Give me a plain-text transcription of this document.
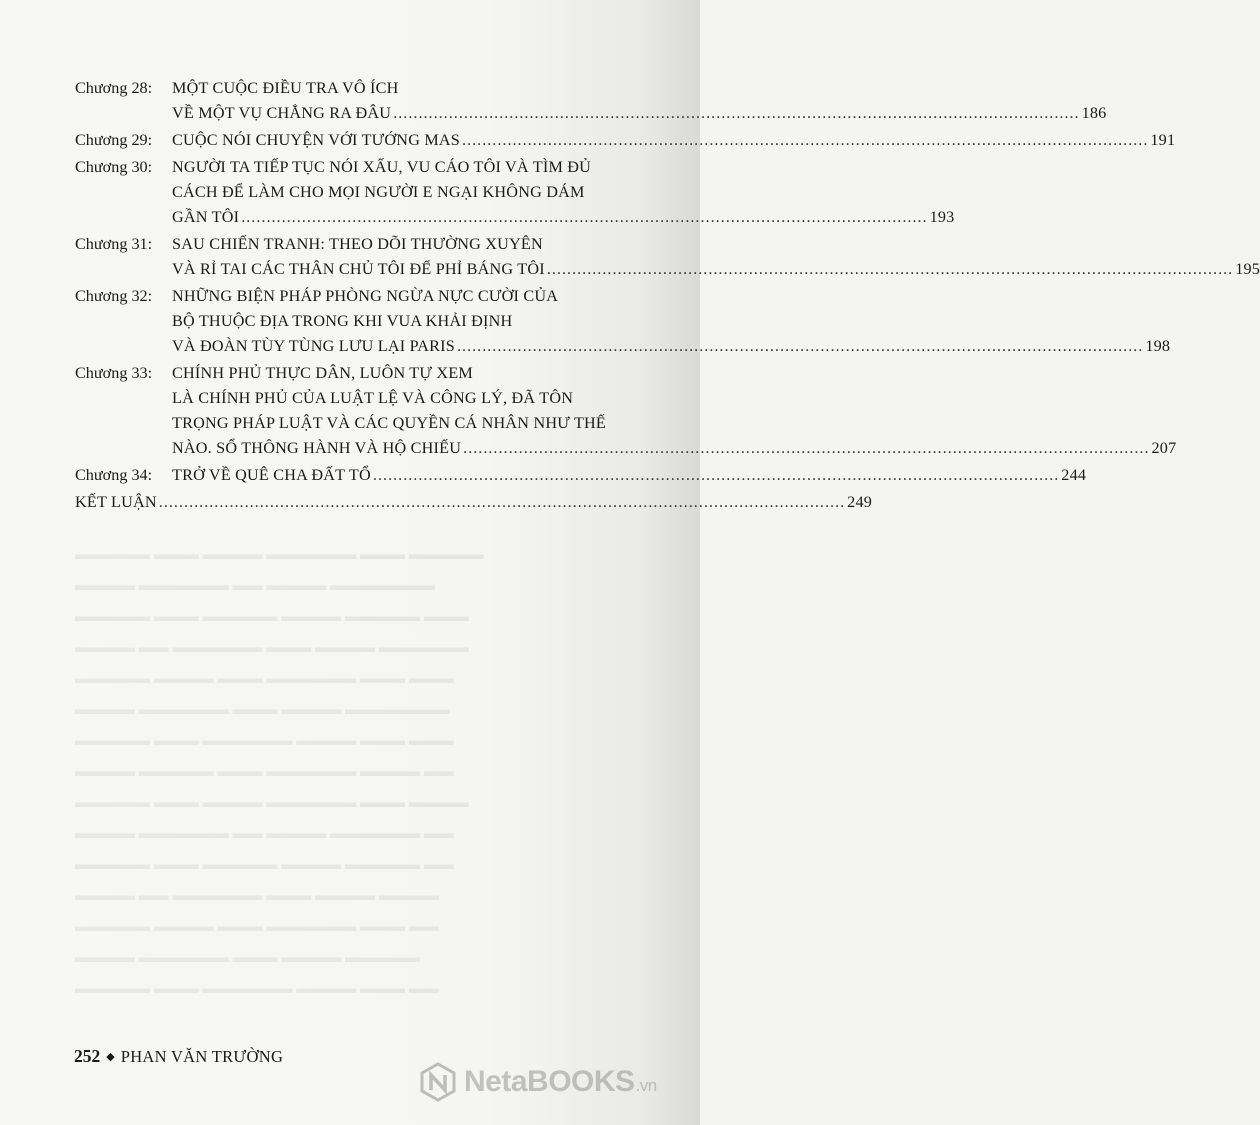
▬▬▬▬▬ ▬▬▬ ▬▬▬▬ ▬▬▬▬▬▬ ▬▬▬ ▬▬▬▬▬
▬▬▬▬ ▬▬▬▬▬▬ ▬▬ ▬▬▬▬ ▬▬▬▬▬▬▬
▬▬▬▬▬ ▬▬▬ ▬▬▬▬▬ ▬▬▬▬ ▬▬▬▬▬ ▬▬▬
▬▬▬▬ ▬▬ ▬▬▬▬▬▬ ▬▬▬ ▬▬▬▬ ▬▬▬▬▬▬
▬▬▬▬▬ ▬▬▬▬ ▬▬▬ ▬▬▬▬▬▬ ▬▬▬ ▬▬▬
▬▬▬▬ ▬▬▬▬▬▬ ▬▬▬ ▬▬▬▬ ▬▬▬▬▬▬▬
▬▬▬▬▬ ▬▬▬ ▬▬▬▬▬▬ ▬▬▬▬ ▬▬▬ ▬▬▬
▬▬▬▬ ▬▬▬▬▬ ▬▬▬ ▬▬▬▬▬▬ ▬▬▬▬ ▬▬
▬▬▬▬▬ ▬▬▬ ▬▬▬▬ ▬▬▬▬▬▬ ▬▬▬ ▬▬▬▬
▬▬▬▬ ▬▬▬▬▬▬ ▬▬ ▬▬▬▬ ▬▬▬▬▬▬ ▬▬
▬▬▬▬▬ ▬▬▬ ▬▬▬▬▬ ▬▬▬▬ ▬▬▬▬▬ ▬▬
▬▬▬▬ ▬▬ ▬▬▬▬▬▬ ▬▬▬ ▬▬▬▬ ▬▬▬▬
▬▬▬▬▬ ▬▬▬▬ ▬▬▬ ▬▬▬▬▬▬ ▬▬▬ ▬▬
▬▬▬▬ ▬▬▬▬▬▬ ▬▬▬ ▬▬▬▬ ▬▬▬▬▬
▬▬▬▬▬ ▬▬▬ ▬▬▬▬▬▬ ▬▬▬▬ ▬▬▬ ▬▬
Chương 28:	MỘT CUỘC ĐIỀU TRA VÔ ÍCH
VỀ MỘT VỤ CHẲNG RA ĐÂU .....	186
Chương 29:	CUỘC NÓI CHUYỆN VỚI TƯỚNG MAS .....	191
Chương 30:	NGƯỜI TA TIẾP TỤC NÓI XẤU, VU CÁO TÔI VÀ TÌM ĐỦ
CÁCH ĐỂ LÀM CHO MỌI NGƯỜI E NGẠI KHÔNG DÁM
GẦN TÔI .....	193
Chương 31:	SAU CHIẾN TRANH: THEO DÕI THƯỜNG XUYÊN
VÀ RỈ TAI CÁC THÂN CHỦ TÔI ĐỂ PHỈ BÁNG TÔI .....	195
Chương 32:	NHỮNG BIỆN PHÁP PHÒNG NGỪA NỰC CƯỜI CỦA
BỘ THUỘC ĐỊA TRONG KHI VUA KHẢI ĐỊNH
VÀ ĐOÀN TÙY TÙNG LƯU LẠI PARIS .....	198
Chương 33:	CHÍNH PHỦ THỰC DÂN, LUÔN TỰ XEM
LÀ CHÍNH PHỦ CỦA LUẬT LỆ VÀ CÔNG LÝ, ĐÃ TÔN
TRỌNG PHÁP LUẬT VÀ CÁC QUYỀN CÁ NHÂN NHƯ THẾ
NÀO. SỔ THÔNG HÀNH VÀ HỘ CHIẾU .....	207
Chương 34:	TRỞ VỀ QUÊ CHA ĐẤT TỔ .....	244
KẾT LUẬN .....	249
252 ◆ PHAN VĂN TRƯỜNG
NetaBOOKS.vn
